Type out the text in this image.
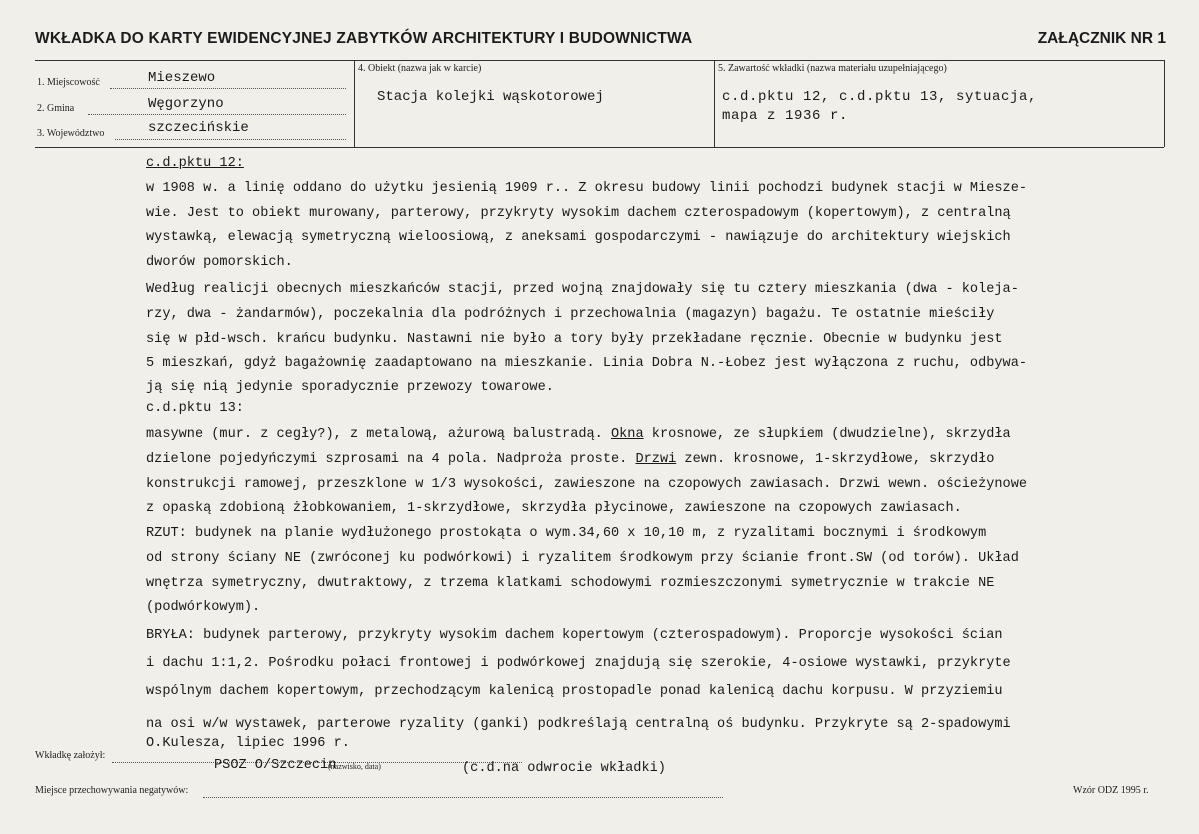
WKŁADKA DO KARTY EWIDENCYJNEJ ZABYTKÓW ARCHITEKTURY I BUDOWNICTWA	ZAŁĄCZNIK NR 1
1. Miejscowość	Mieszewo
2. Gmina	Węgorzyno
3. Województwo	szczecińskie
4. Obiekt (nazwa jak w karcie)
Stacja kolejki wąskotorowej
5. Zawartość wkładki (nazwa materiału uzupełniającego)
c.d.pktu 12, c.d.pktu 13, sytuacja,
mapa z 1936 r.
c.d.pktu 12:
w 1908 w. a linię oddano do użytku jesienią 1909 r.. Z okresu budowy linii pochodzi budynek stacji w Miesze-
wie. Jest to obiekt murowany, parterowy, przykryty wysokim dachem czterospadowym (kopertowym), z centralną
wystawką, elewacją symetryczną wieloosiową, z aneksami gospodarczymi - nawiązuje do architektury wiejskich
dworów pomorskich.
Według realicji obecnych mieszkańców stacji, przed wojną znajdowały się tu cztery mieszkania (dwa - koleja-
rzy, dwa - żandarmów), poczekalnia dla podróżnych i przechowalnia (magazyn) bagażu. Te ostatnie mieściły
się w płd-wsch. krańcu budynku. Nastawni nie było a tory były przekładane ręcznie. Obecnie w budynku jest
5 mieszkań, gdyż bagażownię zaadaptowano na mieszkanie. Linia Dobra N.-Łobez jest wyłączona z ruchu, odbywa-
ją się nią jedynie sporadycznie przewozy towarowe.
c.d.pktu 13:
masywne (mur. z cegły?), z metalową, ażurową balustradą. Okna krosnowe, ze słupkiem (dwudzielne), skrzydła
dzielone pojedyńczymi szprosami na 4 pola. Nadproża proste. Drzwi zewn. krosnowe, 1-skrzydłowe, skrzydło
konstrukcji ramowej, przeszklone w 1/3 wysokości, zawieszone na czopowych zawiasach. Drzwi wewn. ościeżynowe
z opaską zdobioną żłobkowaniem, 1-skrzydłowe, skrzydła płycinowe, zawieszone na czopowych zawiasach.
RZUT: budynek na planie wydłużonego prostokąta o wym.34,60 x 10,10 m, z ryzalitami bocznymi i środkowym
od strony ściany NE (zwróconej ku podwórkowi) i ryzalitem środkowym przy ścianie front.SW (od torów). Układ
wnętrza symetryczny, dwutraktowy, z trzema klatkami schodowymi rozmieszczonymi symetrycznie w trakcie NE
(podwórkowym).
BRYŁA: budynek parterowy, przykryty wysokim dachem kopertowym (czterospadowym). Proporcje wysokości ścian
i dachu 1:1,2. Pośrodku połaci frontowej i podwórkowej znajdują się szerokie, 4-osiowe wystawki, przykryte
wspólnym dachem kopertowym, przechodzącym kalenicą prostopadle ponad kalenicą dachu korpusu. W przyziemiu
na osi w/w wystawek, parterowe ryzality (ganki) podkreślają centralną oś budynku. Przykryte są 2-spadowymi
O.Kulesza, lipiec 1996 r.
Wkładkę założył:
PSOZ O/Szczecin
(nazwisko, data)	(c.d.na odwrocie wkładki)
Miejsce przechowywania negatywów:	Wzór ODZ 1995 r.
